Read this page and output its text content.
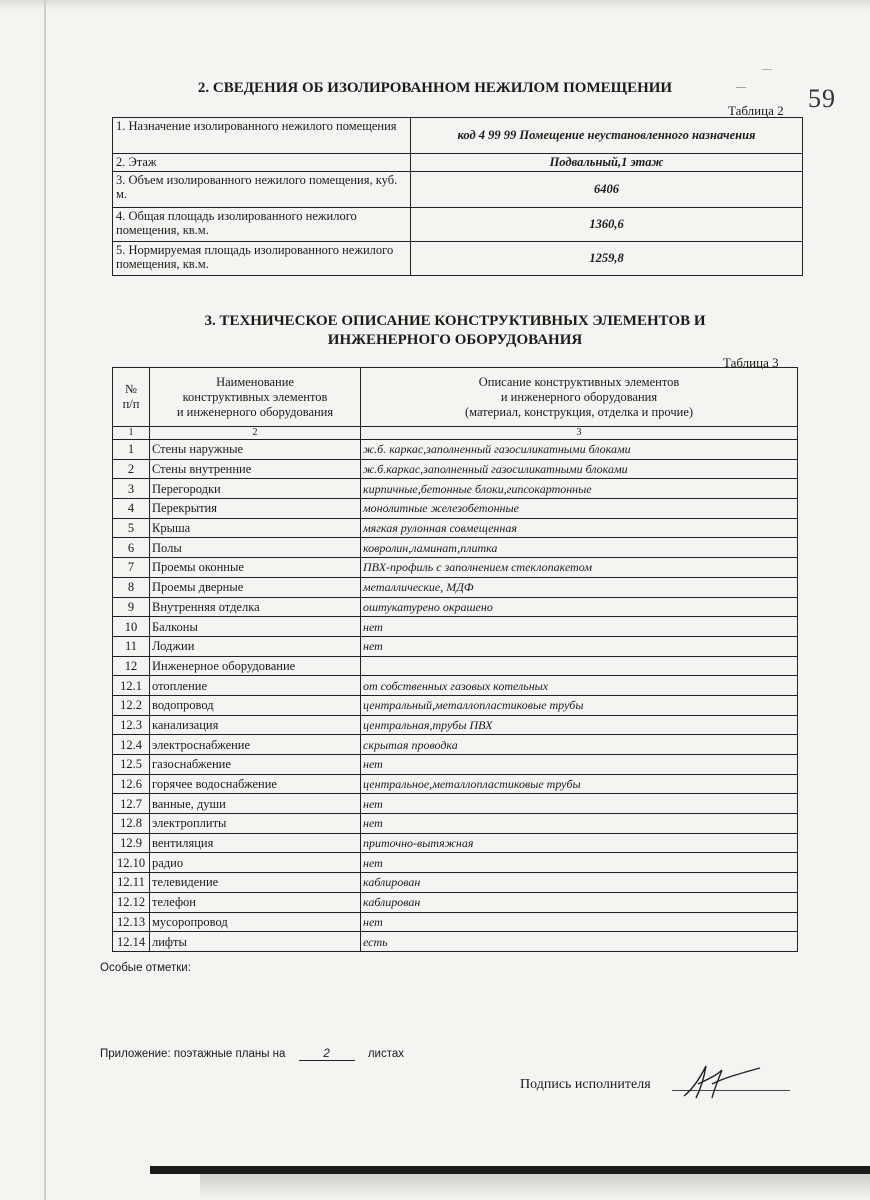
—
— 59
2. СВЕДЕНИЯ ОБ ИЗОЛИРОВАННОМ НЕЖИЛОМ ПОМЕЩЕНИИ
Таблица 2
1. Назначение изолированного нежилого помещения	код 4 99 99 Помещение неустановленного назначения
2. Этаж	Подвальный,1 этаж
3. Объем изолированного нежилого помещения, куб. м.	6406
4. Общая площадь изолированного нежилого помещения, кв.м.	1360,6
5. Нормируемая площадь изолированного нежилого помещения, кв.м.	1259,8
3. ТЕХНИЧЕСКОЕ ОПИСАНИЕ КОНСТРУКТИВНЫХ ЭЛЕМЕНТОВ И
ИНЖЕНЕРНОГО ОБОРУДОВАНИЯ
Таблица 3
№
п/п	Наименование
конструктивных элементов
и инженерного оборудования	Описание конструктивных элементов
и инженерного оборудования
(материал, конструкция, отделка и прочие)
1	2	3
1	Стены наружные	ж.б. каркас,заполненный газосиликатными блоками
2	Стены внутренние	ж.б.каркас,заполненный газосиликатными блоками
3	Перегородки	кирпичные,бетонные блоки,гипсокартонные
4	Перекрытия	монолитные железобетонные
5	Крыша	мягкая рулонная совмещенная
6	Полы	ковролин,ламинат,плитка
7	Проемы оконные	ПВХ-профиль с заполнением стеклопакетом
8	Проемы дверные	металлические, МДФ
9	Внутренняя отделка	оштукатурено окрашено
10	Балконы	нет
11	Лоджии	нет
12	Инженерное оборудование	
12.1	отопление	от собственных газовых котельных
12.2	водопровод	центральный,металлопластиковые трубы
12.3	канализация	центральная,трубы ПВХ
12.4	электроснабжение	скрытая проводка
12.5	газоснабжение	нет
12.6	горячее водоснабжение	центральное,металлопластиковые трубы
12.7	ванные, души	нет
12.8	электроплиты	нет
12.9	вентиляция	приточно-вытяжная
12.10	радио	нет
12.11	телевидение	каблирован
12.12	телефон	каблирован
12.13	мусоропровод	нет
12.14	лифты	есть
Особые отметки:
Приложение: поэтажные планы на	2	листах
Подпись исполнителя
